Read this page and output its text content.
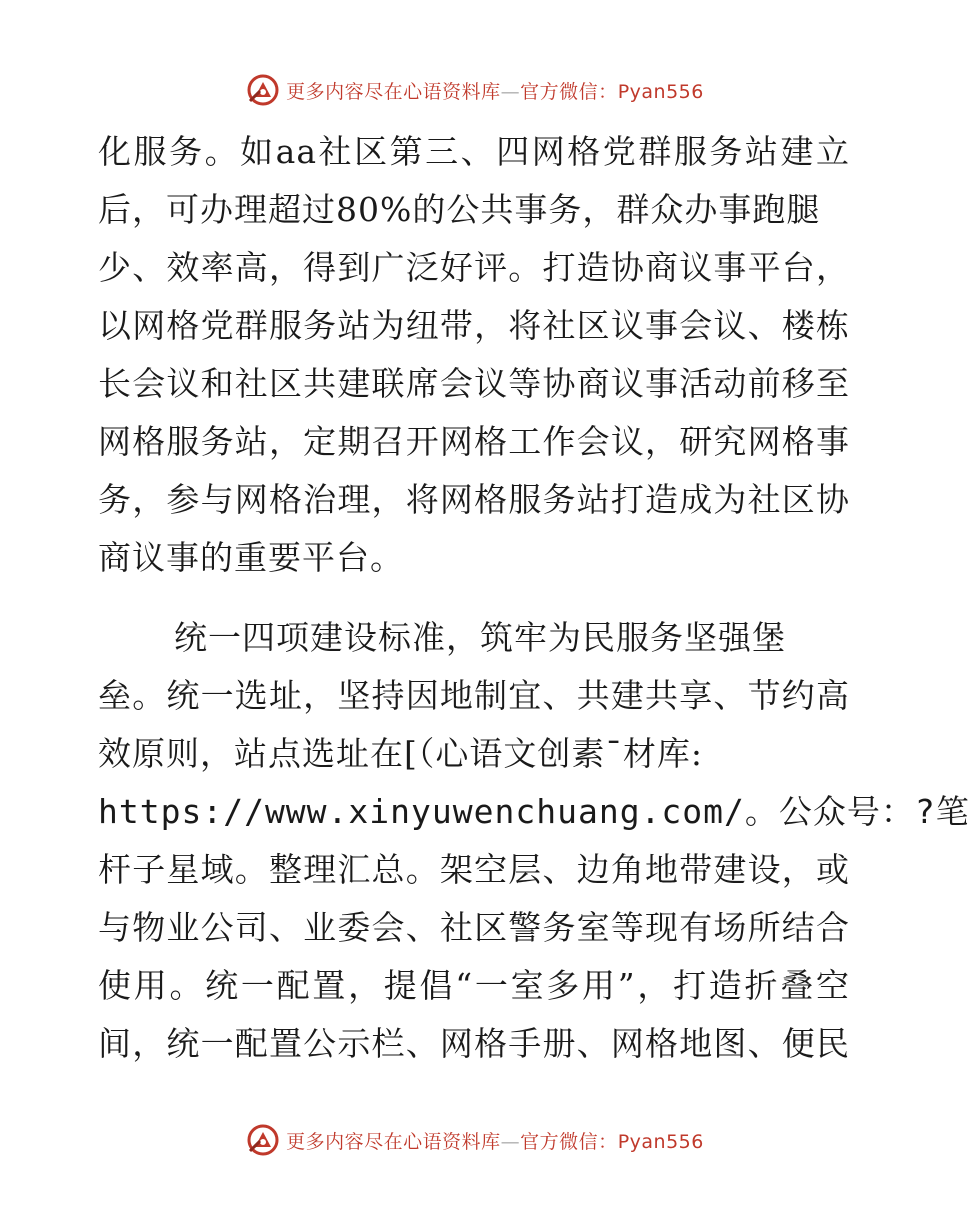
更多内容尽在心语资料库—官方微信：Pyan556
化服务。如aa社区第三、四网格党群服务站建立
后，可办理超过80%的公共事务，群众办事跑腿
少、效率高，得到广泛好评。打造协商议事平台，
以网格党群服务站为纽带，将社区议事会议、楼栋
长会议和社区共建联席会议等协商议事活动前移至
网格服务站，定期召开网格工作会议，研究网格事
务，参与网格治理，将网格服务站打造成为社区协
商议事的重要平台。
统一四项建设标准，筑牢为民服务坚强堡
垒。统一选址，坚持因地制宜、共建共享、节约高
效原则，站点选址在[（心语文创素¯材库:
https://www.xinyuwenchuang.com/。公众号：?笔
杆子星域。整理汇总。架空层、边角地带建设，或
与物业公司、业委会、社区警务室等现有场所结合
使用。统一配置，提倡“一室多用”，打造折叠空
间，统一配置公示栏、网格手册、网格地图、便民
更多内容尽在心语资料库—官方微信：Pyan556
